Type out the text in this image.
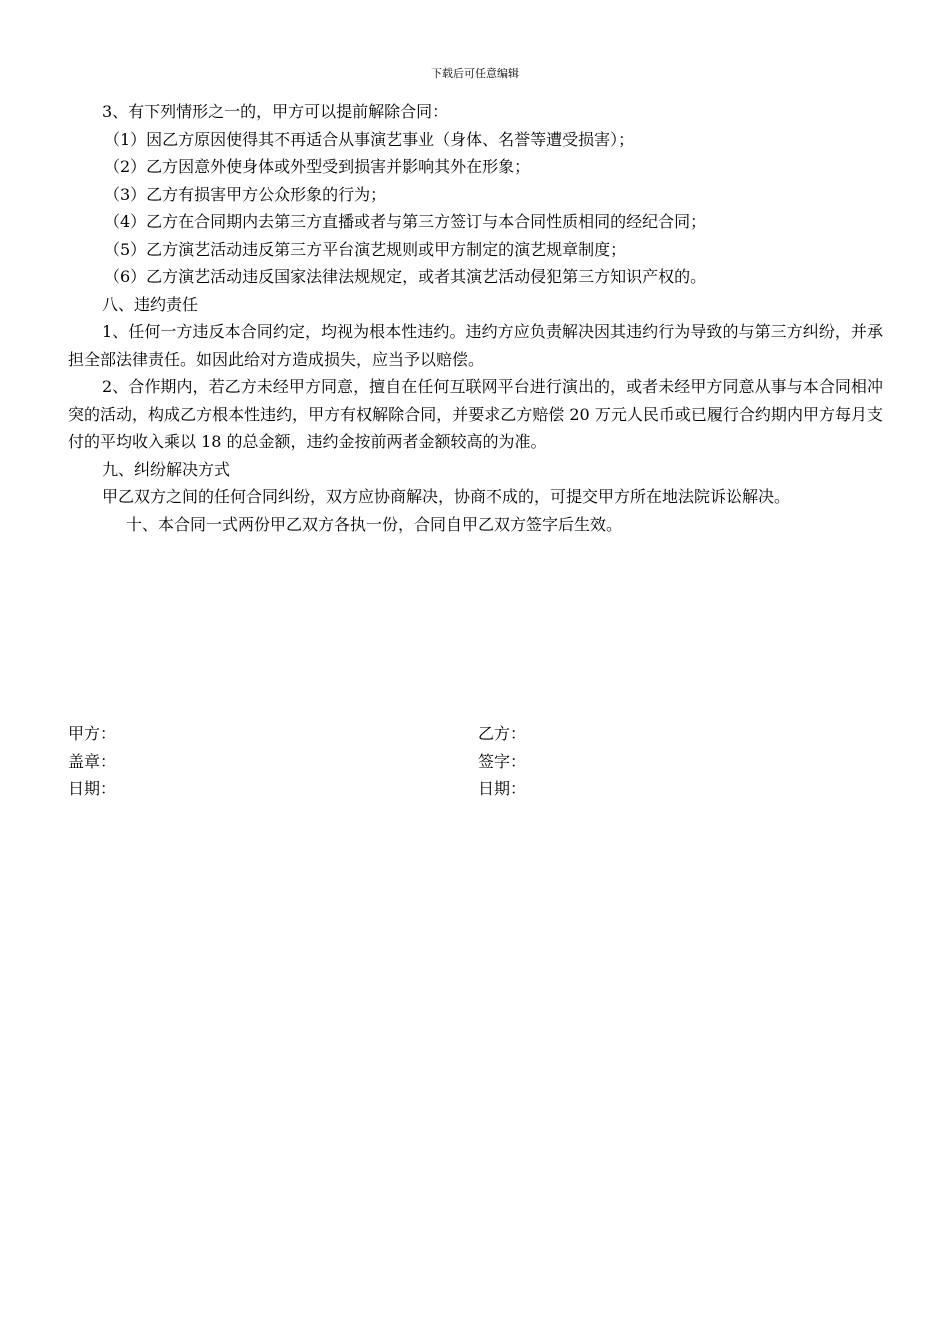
下载后可任意编辑

3、有下列情形之一的，甲方可以提前解除合同：

（1）因乙方原因使得其不再适合从事演艺事业（身体、名誉等遭受损害）；

（2）乙方因意外使身体或外型受到损害并影响其外在形象；

（3）乙方有损害甲方公众形象的行为；

（4）乙方在合同期内去第三方直播或者与第三方签订与本合同性质相同的经纪合同；

（5）乙方演艺活动违反第三方平台演艺规则或甲方制定的演艺规章制度；

（6）乙方演艺活动违反国家法律法规规定，或者其演艺活动侵犯第三方知识产权的。

八、违约责任

1、任何一方违反本合同约定，均视为根本性违约。违约方应负责解决因其违约行为导致的与第三方纠纷，并承担全部法律责任。如因此给对方造成损失，应当予以赔偿。

2、合作期内，若乙方未经甲方同意，擅自在任何互联网平台进行演出的，或者未经甲方同意从事与本合同相冲突的活动，构成乙方根本性违约，甲方有权解除合同，并要求乙方赔偿 20 万元人民币或已履行合约期内甲方每月支付的平均收入乘以 18 的总金额，违约金按前两者金额较高的为准。

九、纠纷解决方式

甲乙双方之间的任何合同纠纷，双方应协商解决，协商不成的，可提交甲方所在地法院诉讼解决。

十、本合同一式两份甲乙双方各执一份，合同自甲乙双方签字后生效。

甲方：	乙方：
盖章：	签字：
日期：	日期：
